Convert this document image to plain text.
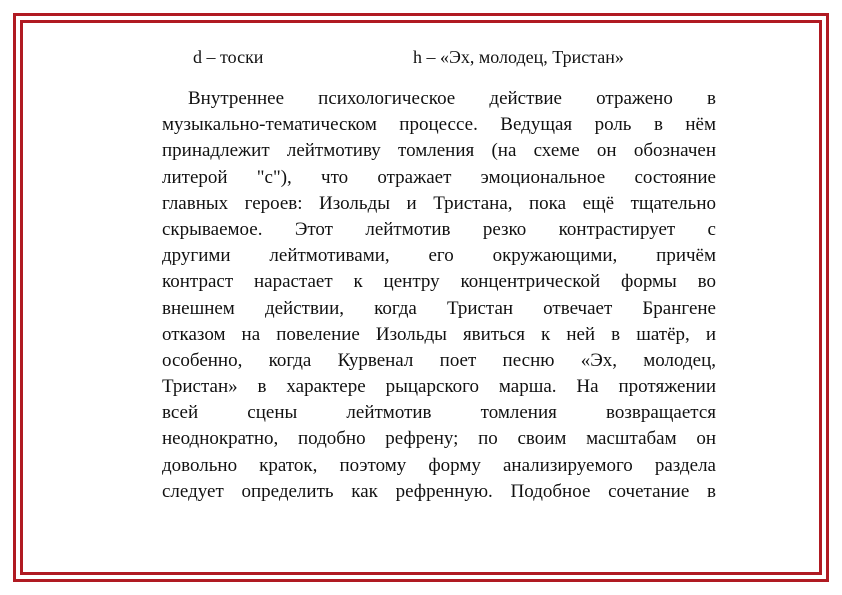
d – тоски	h – «Эх, молодец, Тристан»
Внутреннее психологическое действие отражено в
музыкально-тематическом процессе. Ведущая роль в нём
принадлежит лейтмотиву томления (на схеме он обозначен
литерой "с"), что отражает эмоциональное состояние
главных героев: Изольды и Тристана, пока ещё тщательно
скрываемое. Этот лейтмотив резко контрастирует с
другими лейтмотивами, его окружающими, причём
контраст нарастает к центру концентрической формы во
внешнем действии, когда Тристан отвечает Брангене
отказом на повеление Изольды явиться к ней в шатёр, и
особенно, когда Курвенал поет песню «Эх, молодец,
Тристан» в характере рыцарского марша. На протяжении
всей сцены лейтмотив томления возвращается
неоднократно, подобно рефрену; по своим масштабам он
довольно краток, поэтому форму анализируемого раздела
следует определить как рефренную. Подобное сочетание в
